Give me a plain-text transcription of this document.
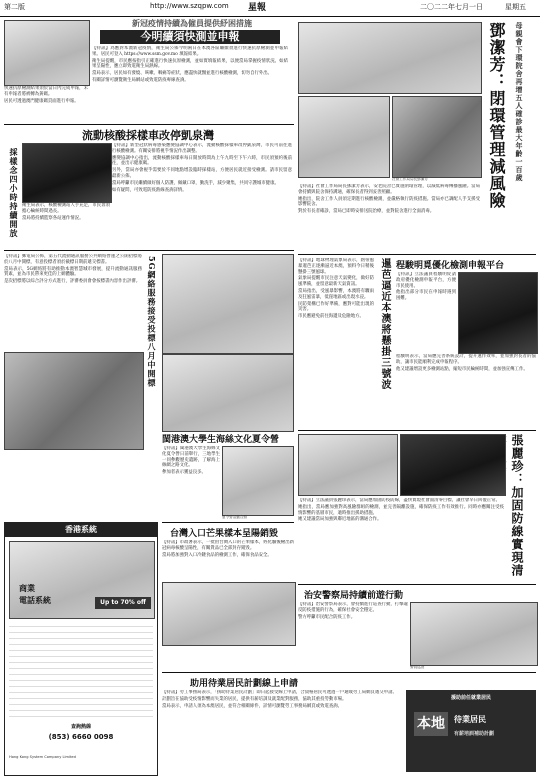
第二版	http://www.szqpw.com 星報	二〇二二年七月一日	星期五
新冠疫情持續為僱員提供紓困措施
今明續須快測並申報

【特訊】為應對本澳新冠疫情，衛生局公佈今明兩日在本澳各區繼續須進行快速抗原檢測並申報結果。居民可登入 https://www.ssm.gov.mo 填報結果。

衛生局提醒，市民應按指引正確進行快速抗原檢測，並如實填報結果，以便當局掌握疫情狀況。如結果呈陽性，應立即致電衛生局熱線。

當局表示，居民如有發燒、咳嗽、咽痛等症狀，應盡快就醫並進行核酸檢測，切勿自行外出。

有關詳情可瀏覽衛生局網站或致電防疫專線查詢。

快速抗原檢測結果須於當日內完成申報，未有申報者將被轉為黃碼。

居民可透過澳門健康碼頁面進行申報。

流動核酸採樣車改停凱泉灣
採樣念四小時持續開放

【特訊】新型冠狀病毒感染應變協調中心表示，流動核酸採樣車改停凱泉灣，市民可前往進行核酸檢測。有關安排將視乎情況作出調整。

應變協調中心指出，流動核酸採樣車每日開放時間為上午九時至下午六時，市民須預約後前往，並出示健康碼。

另外，當局亦會視乎需要於不同地點增設臨時採樣站，方便居民就近接受檢測。請市民留意最新公佈。

當局呼籲市民繼續做好個人防護，佩戴口罩，勤洗手，減少聚集，共同守護城市健康。

如有疑問，可致電防疫熱線查詢詳情。

衛生局表示，核酸檢測站人手充足，市民毋須擔心輪候時間過長。

當局將持續監察各站運作情況。

5G網絡服務接受投標八月中開標

【特訊】郵電局公佈，第五代流動通訊服務公共網絡營運之公開招標將於八月中開標，有意投標者須於截標日期前遞交標書。

當局表示，5G網絡將有助推動本澳智慧城市發展，提升流動通訊服務質素，並為市民帶來更佳的上網體驗。

是次招標將以綜合評分方式進行，評審委員會會按標書內容作出評審。

閩港澳大學生海絲文化夏令營

【特訊】閩港澳大學生海絲文化夏令營日前舉行，三地學生一同參觀歷史遺跡，了解海上絲綢之路文化。

參加者表示獲益良多。

夏令營活動合照
台灣入口芒果樣本呈陽銷毀

【特訊】市政署表示，一批由台灣入口的芒果樣本，經化驗後檢出新冠病毒核酸呈陽性，有關貨品已全部封存銷毀。

當局將加強對入口冷鏈食品的檢測工作，確保食品安全。

香港系統
商業
電話系統	Up to 70% off
查詢熱線
(853) 6660 0098
Hong Kong System Company Limited
母親會下環院舍再增五人確診最大年齡一百歲
鄧潔芳：閉環管理減風險
社會工作局局長鄧潔芳

【特訊】社會工作局局長鄧潔芳表示，安老院舍已實施閉環管理，以減低病毒傳播風險。當局會持續與院舍保持溝通，確保長者得到妥善照顧。

她指出，院舍工作人員須定期進行核酸檢測，並嚴格執行防疫措施。當局亦已調配人手支援受影響院舍。

對於有長者確診，當局已即時安排送院治療，並對院舍進行全面消毒。

程駿明覓優化檢測申報平台
暹芭逼近本澳將懸掛三號波

【特訊】地球物理氣象局表示，熱帶風暴暹芭正逐漸逼近本澳，預料今日稍後懸掛三號風球。

氣象局提醒市民注意天氣變化，做好防風準備，並留意最新天氣資訊。

當局指出，受風暴影響，本澳將有驟雨及狂風雷暴，低窪地區或出現水浸。

民防架構已作好準備，應對可能出現的災害。

市民應避免前往海邊及危險地方。

【特訊】立法議員程駿明促請政府優化檢測申報平台，方便市民使用。

他指出部分市民在申報時遇到困難。

程駿明表示，當局應完善系統設計，提升運作效率，並加強對長者的協助，讓市民能順利完成申報程序。

他又建議增設更多檢測站點，縮短市民輪候時間，並加強宣傳工作。

張麗珍：加固防線實現清

【特訊】立法議員張麗珍表示，當局應加固防疫防線，盡快實現社會面清零目標，讓社會早日回復正常。

她指出，當局應加強對高風險群組的檢測，並完善隔離設施，確保防疫工作有效推行。同時亦應關注受疫情影響的基層市民，適時推出援助措施。

她又建議當局加強與鄰近地區的溝通合作。

治安警察局持續前遊行動

【特訊】治安警察局表示，會持續進行巡查行動，打擊違反防疫措施的行為，確保社會安全穩定。

警方呼籲市民配合防疫工作。

警員巡查
助用待業居民計劃線上申請

【特訊】勞工事務局表示，「援助待業居民計劃」即日起接受線上申請，合資格居民可透過一戶通或勞工局網頁遞交申請。

計劃旨在協助受疫情影響而失業的居民，提供有薪培訓及就業配對服務，協助其重投勞動市場。

當局表示，申請人須為本澳居民，並符合相關條件，詳情可瀏覽勞工事務局網頁或致電查詢。

援助前任就業居民
本地	待業居民
有薪培訓補助計劃
